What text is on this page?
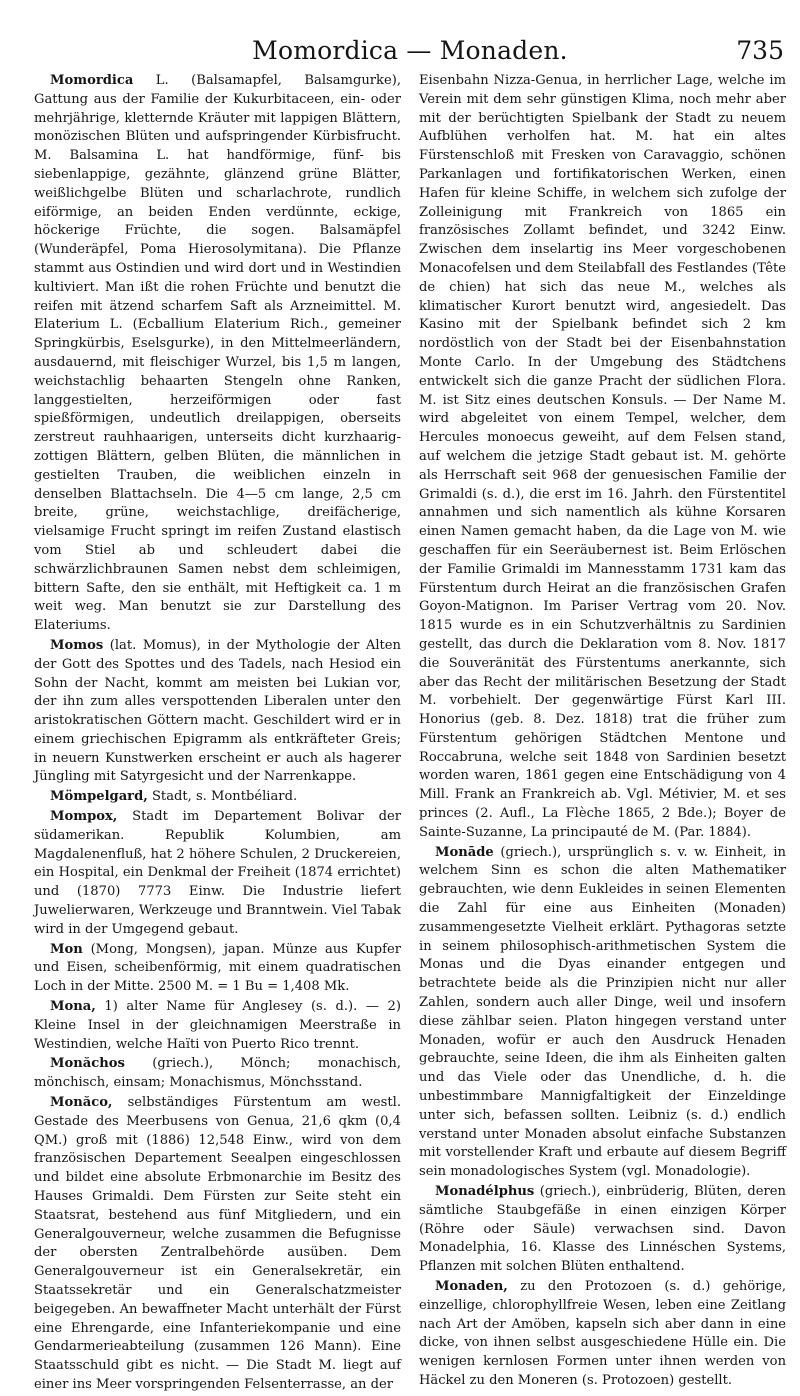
Momordica — Monaden.	735

Momordica L. (Balsamapfel, Balsamgurke), Gattung aus der Familie der Kukurbitaceen, ein- oder mehrjährige, kletternde Kräuter mit lappigen Blättern, monözischen Blüten und aufspringender Kürbisfrucht. M. Balsamina L. hat handförmige, fünf- bis siebenlappige, gezähnte, glänzend grüne Blätter, weißlichgelbe Blüten und scharlachrote, rundlich eiförmige, an beiden Enden verdünnte, eckige, höckerige Früchte, die sogen. Balsamäpfel (Wunderäpfel, Poma Hierosolymitana). Die Pflanze stammt aus Ostindien und wird dort und in Westindien kultiviert. Man ißt die rohen Früchte und benutzt die reifen mit ätzend scharfem Saft als Arzneimittel. M. Elaterium L. (Ecballium Elaterium Rich., gemeiner Springkürbis, Eselsgurke), in den Mittelmeerländern, ausdauernd, mit fleischiger Wurzel, bis 1,5 m langen, weichstachlig behaarten Stengeln ohne Ranken, langgestielten, herzeiförmigen oder fast spießförmigen, undeutlich dreilappigen, oberseits zerstreut rauhhaarigen, unterseits dicht kurzhaarig-zottigen Blättern, gelben Blüten, die männlichen in gestielten Trauben, die weiblichen einzeln in denselben Blattachseln. Die 4—5 cm lange, 2,5 cm breite, grüne, weichstachlige, dreifächerige, vielsamige Frucht springt im reifen Zustand elastisch vom Stiel ab und schleudert dabei die schwärzlichbraunen Samen nebst dem schleimigen, bittern Safte, den sie enthält, mit Heftigkeit ca. 1 m weit weg. Man benutzt sie zur Darstellung des Elateriums.

Momos (lat. Momus), in der Mythologie der Alten der Gott des Spottes und des Tadels, nach Hesiod ein Sohn der Nacht, kommt am meisten bei Lukian vor, der ihn zum alles verspottenden Liberalen unter den aristokratischen Göttern macht. Geschildert wird er in einem griechischen Epigramm als entkräfteter Greis; in neuern Kunstwerken erscheint er auch als hagerer Jüngling mit Satyrgesicht und der Narrenkappe.

Mömpelgard, Stadt, s. Montbéliard.

Mompox, Stadt im Departement Bolivar der südamerikan. Republik Kolumbien, am Magdalenenfluß, hat 2 höhere Schulen, 2 Druckereien, ein Hospital, ein Denkmal der Freiheit (1874 errichtet) und (1870) 7773 Einw. Die Industrie liefert Juwelierwaren, Werkzeuge und Branntwein. Viel Tabak wird in der Umgegend gebaut.

Mon (Mong, Mongsen), japan. Münze aus Kupfer und Eisen, scheibenförmig, mit einem quadratischen Loch in der Mitte. 2500 M. = 1 Bu = 1,408 Mk.

Mona, 1) alter Name für Anglesey (s. d.). — 2) Kleine Insel in der gleichnamigen Meerstraße in Westindien, welche Haïti von Puerto Rico trennt.

Monăchos (griech.), Mönch; monachisch, mönchisch, einsam; Monachismus, Mönchsstand.

Monăco, selbständiges Fürstentum am westl. Gestade des Meerbusens von Genua, 21,6 qkm (0,4 QM.) groß mit (1886) 12,548 Einw., wird von dem französischen Departement Seealpen eingeschlossen und bildet eine absolute Erbmonarchie im Besitz des Hauses Grimaldi. Dem Fürsten zur Seite steht ein Staatsrat, bestehend aus fünf Mitgliedern, und ein Generalgouverneur, welche zusammen die Befugnisse der obersten Zentralbehörde ausüben. Dem Generalgouverneur ist ein Generalsekretär, ein Staatssekretär und ein Generalschatzmeister beigegeben. An bewaffneter Macht unterhält der Fürst eine Ehrengarde, eine Infanteriekompanie und eine Gendarmerieabteilung (zusammen 126 Mann). Eine Staatsschuld gibt es nicht. — Die Stadt M. liegt auf einer ins Meer vorspringenden Felsenterrasse, an der

Eisenbahn Nizza-Genua, in herrlicher Lage, welche im Verein mit dem sehr günstigen Klima, noch mehr aber mit der berüchtigten Spielbank der Stadt zu neuem Aufblühen verholfen hat. M. hat ein altes Fürstenschloß mit Fresken von Caravaggio, schönen Parkanlagen und fortifikatorischen Werken, einen Hafen für kleine Schiffe, in welchem sich zufolge der Zolleinigung mit Frankreich von 1865 ein französisches Zollamt befindet, und 3242 Einw. Zwischen dem inselartig ins Meer vorgeschobenen Monacofelsen und dem Steilabfall des Festlandes (Tête de chien) hat sich das neue M., welches als klimatischer Kurort benutzt wird, angesiedelt. Das Kasino mit der Spielbank befindet sich 2 km nordöstlich von der Stadt bei der Eisenbahnstation Monte Carlo. In der Umgebung des Städtchens entwickelt sich die ganze Pracht der südlichen Flora. M. ist Sitz eines deutschen Konsuls. — Der Name M. wird abgeleitet von einem Tempel, welcher, dem Hercules monoecus geweiht, auf dem Felsen stand, auf welchem die jetzige Stadt gebaut ist. M. gehörte als Herrschaft seit 968 der genuesischen Familie der Grimaldi (s. d.), die erst im 16. Jahrh. den Fürstentitel annahmen und sich namentlich als kühne Korsaren einen Namen gemacht haben, da die Lage von M. wie geschaffen für ein Seeräubernest ist. Beim Erlöschen der Familie Grimaldi im Mannesstamm 1731 kam das Fürstentum durch Heirat an die französischen Grafen Goyon-Matignon. Im Pariser Vertrag vom 20. Nov. 1815 wurde es in ein Schutzverhältnis zu Sardinien gestellt, das durch die Deklaration vom 8. Nov. 1817 die Souveränität des Fürstentums anerkannte, sich aber das Recht der militärischen Besetzung der Stadt M. vorbehielt. Der gegenwärtige Fürst Karl III. Honorius (geb. 8. Dez. 1818) trat die früher zum Fürstentum gehörigen Städtchen Mentone und Roccabruna, welche seit 1848 von Sardinien besetzt worden waren, 1861 gegen eine Entschädigung von 4 Mill. Frank an Frankreich ab. Vgl. Métivier, M. et ses princes (2. Aufl., La Flèche 1865, 2 Bde.); Boyer de Sainte-Suzanne, La principauté de M. (Par. 1884).

Monāde (griech.), ursprünglich s. v. w. Einheit, in welchem Sinn es schon die alten Mathematiker gebrauchten, wie denn Eukleides in seinen Elementen die Zahl für eine aus Einheiten (Monaden) zusammengesetzte Vielheit erklärt. Pythagoras setzte in seinem philosophisch-arithmetischen System die Monas und die Dyas einander entgegen und betrachtete beide als die Prinzipien nicht nur aller Zahlen, sondern auch aller Dinge, weil und insofern diese zählbar seien. Platon hingegen verstand unter Monaden, wofür er auch den Ausdruck Henaden gebrauchte, seine Ideen, die ihm als Einheiten galten und das Viele oder das Unendliche, d. h. die unbestimmbare Mannigfaltigkeit der Einzeldinge unter sich, befassen sollten. Leibniz (s. d.) endlich verstand unter Monaden absolut einfache Substanzen mit vorstellender Kraft und erbaute auf diesem Begriff sein monadologisches System (vgl. Monadologie).

Monadélphus (griech.), einbrüderig, Blüten, deren sämtliche Staubgefäße in einen einzigen Körper (Röhre oder Säule) verwachsen sind. Davon Monadelphia, 16. Klasse des Linnéschen Systems, Pflanzen mit solchen Blüten enthaltend.

Monaden, zu den Protozoen (s. d.) gehörige, einzellige, chlorophyllfreie Wesen, leben eine Zeitlang nach Art der Amöben, kapseln sich aber dann in eine dicke, von ihnen selbst ausgeschiedene Hülle ein. Die wenigen kernlosen Formen unter ihnen werden von Häckel zu den Moneren (s. Protozoen) gestellt.
